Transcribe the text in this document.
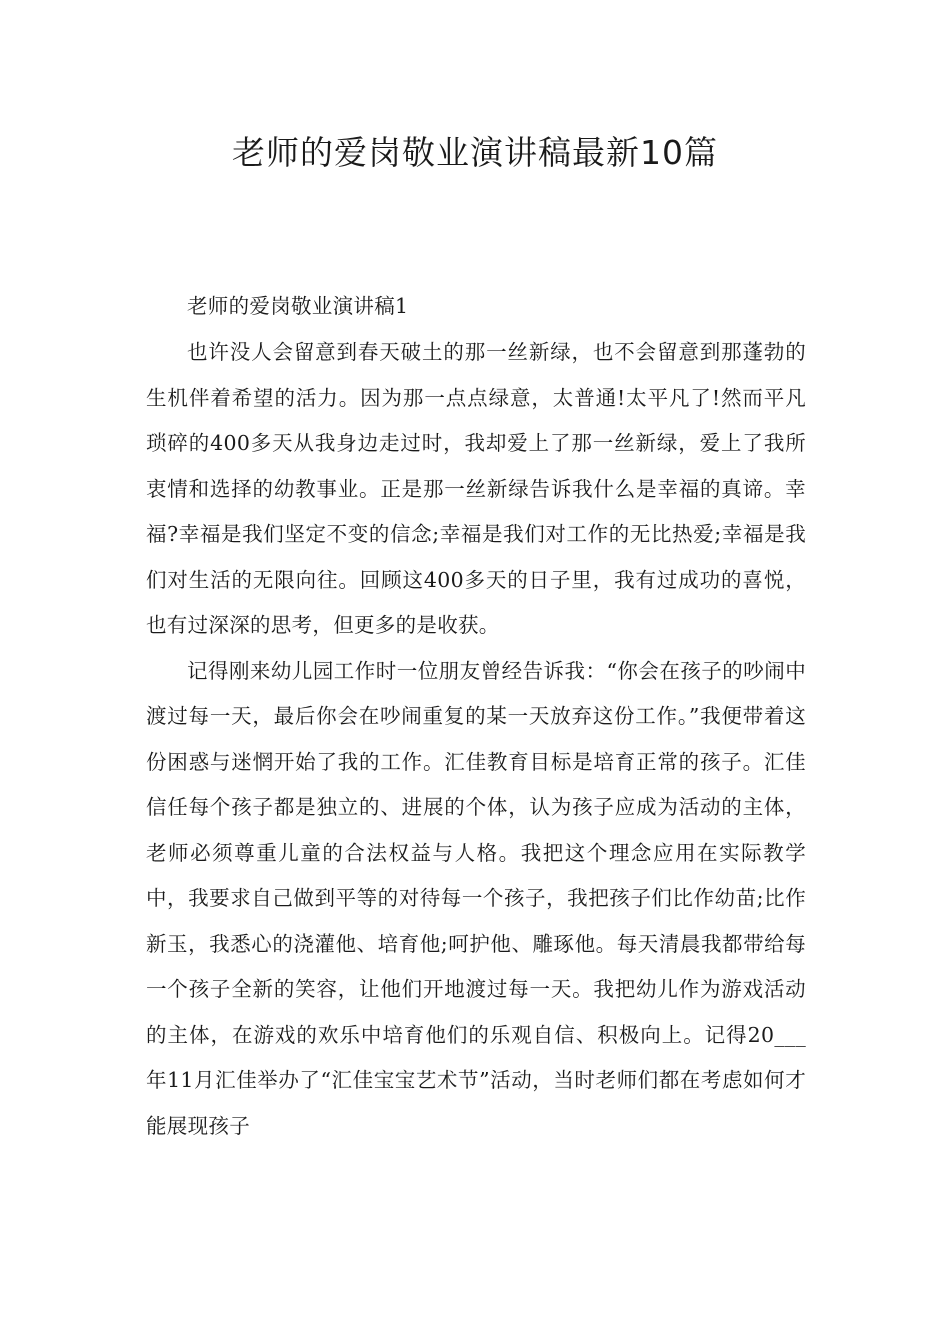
老师的爱岗敬业演讲稿最新10篇

老师的爱岗敬业演讲稿1

也许没人会留意到春天破土的那一丝新绿，也不会留意到那蓬勃的生机伴着希望的活力。因为那一点点绿意，太普通!太平凡了!然而平凡琐碎的400多天从我身边走过时，我却爱上了那一丝新绿，爱上了我所衷情和选择的幼教事业。正是那一丝新绿告诉我什么是幸福的真谛。幸福?幸福是我们坚定不变的信念;幸福是我们对工作的无比热爱;幸福是我们对生活的无限向往。回顾这400多天的日子里，我有过成功的喜悦，也有过深深的思考，但更多的是收获。

记得刚来幼儿园工作时一位朋友曾经告诉我：“你会在孩子的吵闹中渡过每一天，最后你会在吵闹重复的某一天放弃这份工作。”我便带着这份困惑与迷惘开始了我的工作。汇佳教育目标是培育正常的孩子。汇佳信任每个孩子都是独立的、进展的个体，认为孩子应成为活动的主体，老师必须尊重儿童的合法权益与人格。我把这个理念应用在实际教学中，我要求自己做到平等的对待每一个孩子，我把孩子们比作幼苗;比作新玉，我悉心的浇灌他、培育他;呵护他、雕琢他。每天清晨我都带给每一个孩子全新的笑容，让他们开地渡过每一天。我把幼儿作为游戏活动的主体，在游戏的欢乐中培育他们的乐观自信、积极向上。记得20___年11月汇佳举办了“汇佳宝宝艺术节”活动，当时老师们都在考虑如何才能展现孩子
